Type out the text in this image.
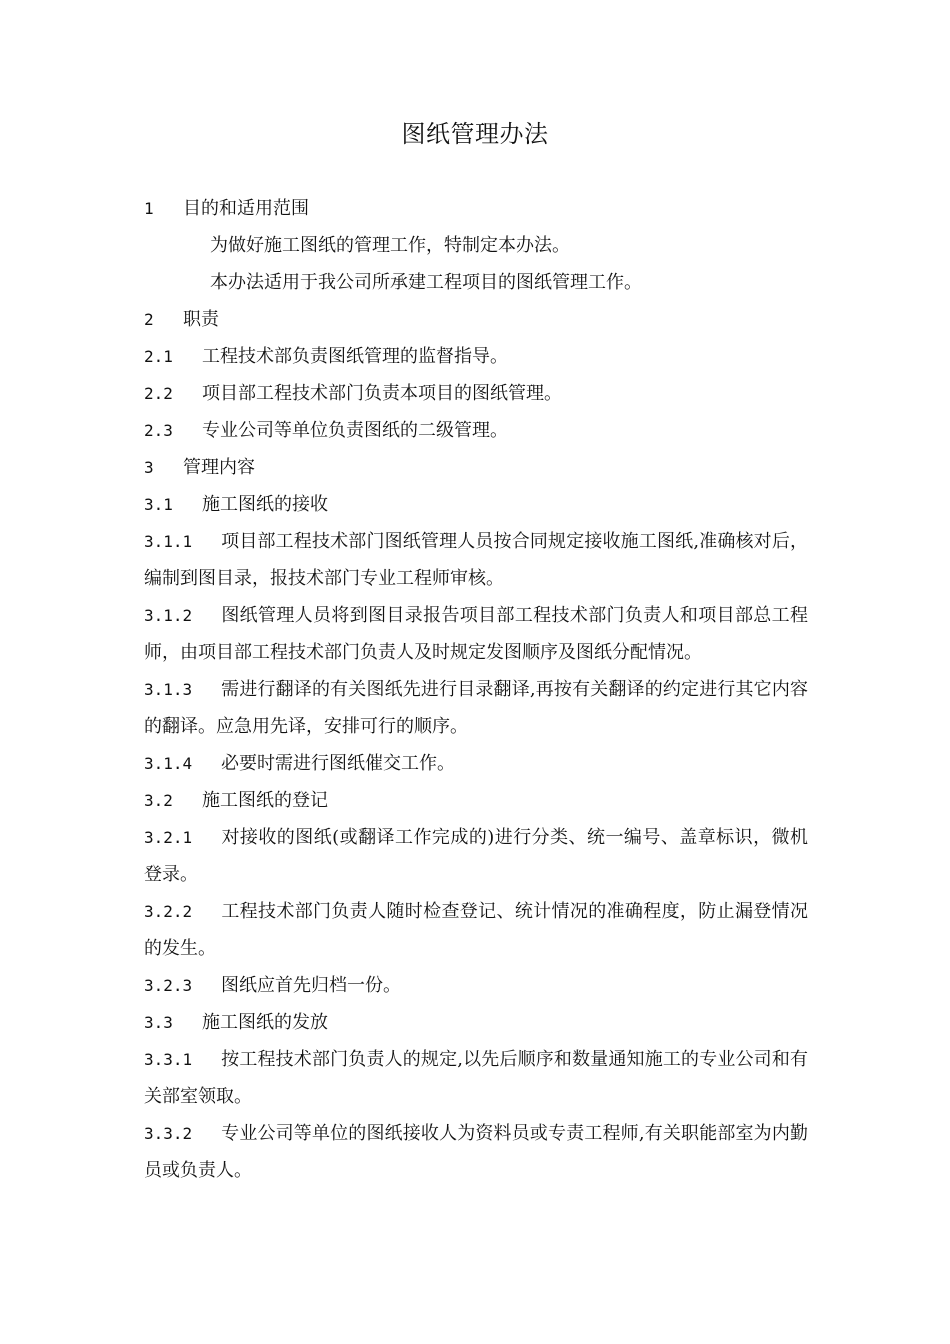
图纸管理办法

1 目的和适用范围

为做好施工图纸的管理工作，特制定本办法。

本办法适用于我公司所承建工程项目的图纸管理工作。

2 职责

2.1 工程技术部负责图纸管理的监督指导。

2.2 项目部工程技术部门负责本项目的图纸管理。

2.3 专业公司等单位负责图纸的二级管理。

3 管理内容

3.1 施工图纸的接收

3.1.1 项目部工程技术部门图纸管理人员按合同规定接收施工图纸,准确核对后，编制到图目录，报技术部门专业工程师审核。

3.1.2 图纸管理人员将到图目录报告项目部工程技术部门负责人和项目部总工程师，由项目部工程技术部门负责人及时规定发图顺序及图纸分配情况。

3.1.3 需进行翻译的有关图纸先进行目录翻译,再按有关翻译的约定进行其它内容的翻译。应急用先译，安排可行的顺序。

3.1.4 必要时需进行图纸催交工作。

3.2 施工图纸的登记

3.2.1 对接收的图纸(或翻译工作完成的)进行分类、统一编号、盖章标识，微机登录。

3.2.2 工程技术部门负责人随时检查登记、统计情况的准确程度，防止漏登情况的发生。

3.2.3 图纸应首先归档一份。

3.3 施工图纸的发放

3.3.1 按工程技术部门负责人的规定,以先后顺序和数量通知施工的专业公司和有关部室领取。

3.3.2 专业公司等单位的图纸接收人为资料员或专责工程师,有关职能部室为内勤员或负责人。
